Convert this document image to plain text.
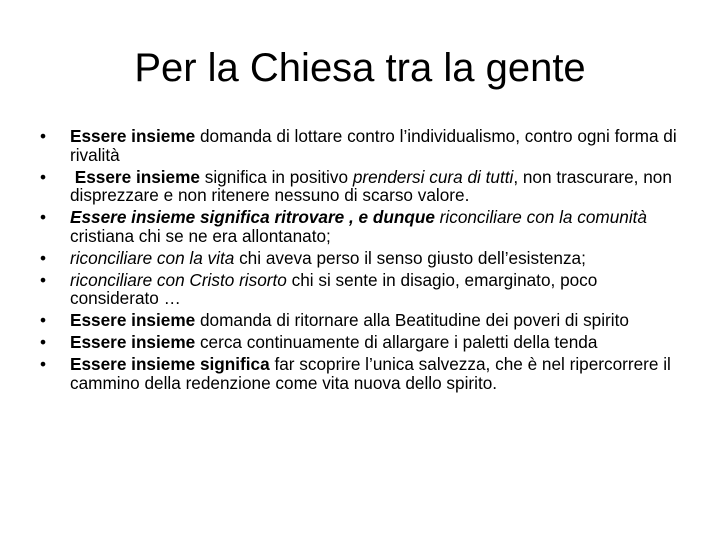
Per la Chiesa tra la gente
•	Essere insieme domanda di lottare contro l’individualismo, contro ogni forma di rivalità
•	Essere insieme significa in positivo prendersi cura di tutti, non trascurare, non disprezzare e non ritenere nessuno di scarso valore.
•	Essere insieme significa ritrovare , e dunque riconciliare con la comunità cristiana chi se ne era allontanato;
•	riconciliare con la vita chi aveva perso il senso giusto dell’esistenza;
•	riconciliare con Cristo risorto chi si sente in disagio, emarginato, poco considerato …
•	Essere insieme domanda di ritornare alla Beatitudine dei poveri di spirito
•	Essere insieme cerca continuamente di allargare i paletti della tenda
•	Essere insieme significa far scoprire l’unica salvezza, che è nel ripercorrere il cammino della redenzione come vita nuova dello spirito.
